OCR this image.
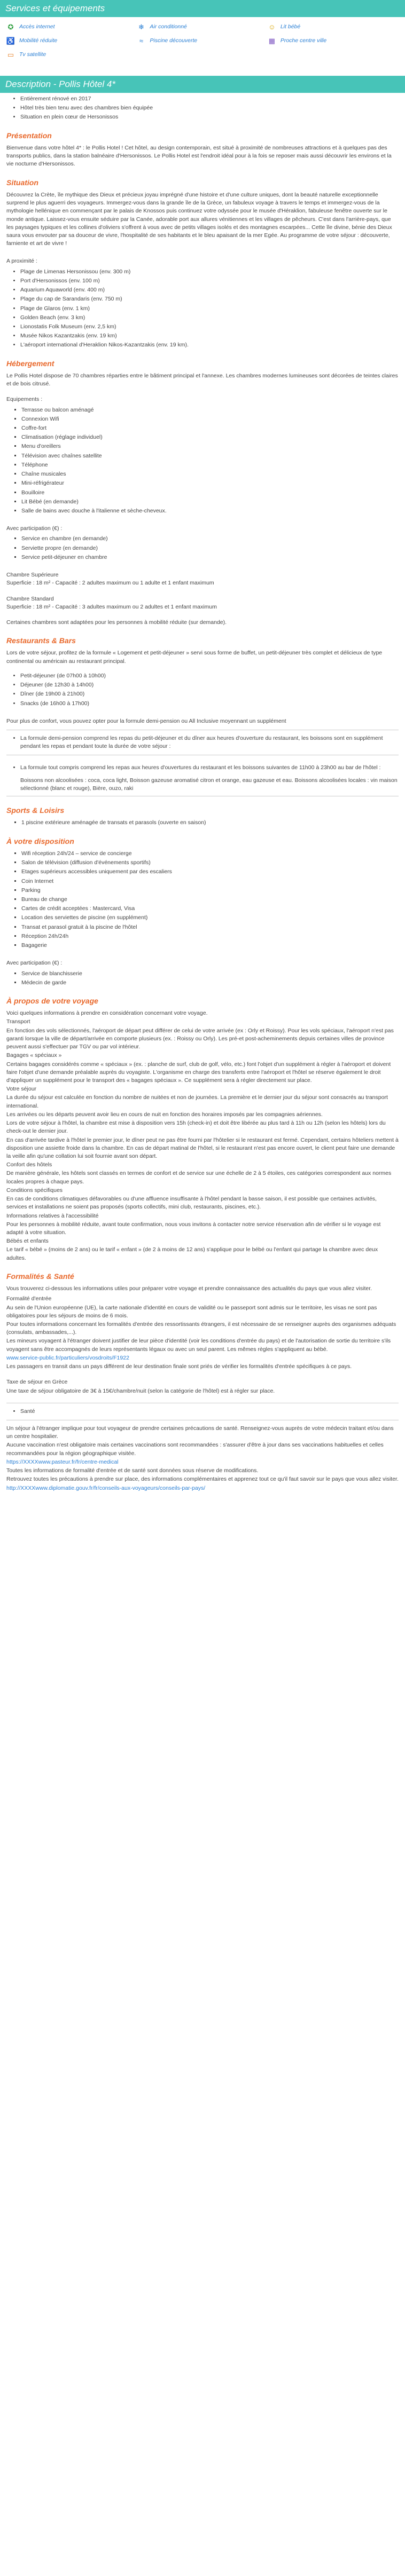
Services et équipements
✪ Accès internet	❄ Air conditionné	☺ Lit bébé
♿ Mobilité réduite	≈	Piscine découverte	▦ Proche centre ville
▭ Tv satellite
Description - Pollis Hôtel 4*
• Entièrement rénové en 2017
• Hôtel très bien tenu avec des chambres bien équipée
• Situation en plein cœur de Hersonissos
Présentation

Bienvenue dans votre hôtel 4* : le Pollis Hotel ! Cet hôtel, au design contemporain, est situé à proximité de nombreuses attractions et à quelques pas des transports publics, dans la station balnéaire d'Hersonissos. Le Pollis Hotel est l'endroit idéal pour à la fois se reposer mais aussi découvrir les environs et la vie nocturne d'Hersonissos.

Situation

Découvrez la Crète, île mythique des Dieux et précieux joyau imprégné d'une histoire et d'une culture uniques, dont la beauté naturelle exceptionnelle surprend le plus aguerri des voyageurs. Immergez-vous dans la grande île de la Grèce, un fabuleux voyage à travers le temps et immergez-vous de la mythologie hellénique en commençant par le palais de Knossos puis continuez votre odyssée pour le musée d'Héraklion, fabuleuse fenêtre ouverte sur le monde antique. Laissez-vous ensuite séduire par la Canée, adorable port aux allures vénitiennes et les villages de pêcheurs. C'est dans l'arrière-pays, que les paysages typiques et les collines d'oliviers s'offrent à vous avec de petits villages isolés et des montagnes escarpées... Cette île divine, bénie des Dieux saura vous envouter par sa douceur de vivre, l'hospitalité de ses habitants et le bleu apaisant de la mer Egée. Au programme de votre séjour : découverte, farniente et art de vivre !

A proximité :

• Plage de Limenas Hersonissou (env. 300 m)
• Port d'Hersonissos (env. 100 m)
• Aquarium Aquaworld (env. 400 m)
• Plage du cap de Sarandaris (env. 750 m)
• Plage de Glaros (env. 1 km)
• Golden Beach (env. 3 km)
• Lionostatis Folk Museum (env. 2,5 km)
• Musée Nikos Kazantzakis (env. 19 km)
• L'aéroport international d'Heraklion Nikos-Kazantzakis (env. 19 km).
Hébergement

Le Pollis Hotel dispose de 70 chambres réparties entre le bâtiment principal et l'annexe. Les chambres modernes lumineuses sont décorées de teintes claires et de bois citrusé.

Equipements :

▪ Terrasse ou balcon aménagé
▪ Connexion Wifi
▪ Coffre-fort
▪ Climatisation (réglage individuel)
▪ Menu d'oreillers
▪ Télévision avec chaînes satellite
▪ Téléphone
▪ Chaîne musicales
▪ Mini-réfrigérateur
▪ Bouilloire
▪ Lit Bébé (en demande)
▪ Salle de bains avec douche à l'italienne et sèche-cheveux.

Avec participation (€) :

▪ Service en chambre (en demande)
▪ Serviette propre (en demande)
▪ Service petit-déjeuner en chambre

Chambre Supérieure

Superficie : 18 m² - Capacité : 2 adultes maximum ou 1 adulte et 1 enfant maximum

Chambre Standard

Superficie : 18 m² - Capacité : 3 adultes maximum ou 2 adultes et 1 enfant maximum

Certaines chambres sont adaptées pour les personnes à mobilité réduite (sur demande).

Restaurants & Bars

Lors de votre séjour, profitez de la formule « Logement et petit-déjeuner » servi sous forme de buffet, un petit-déjeuner très complet et délicieux de type continental ou américain au restaurant principal.

• Petit-déjeuner (de 07h00 à 10h00)
• Déjeuner (de 12h30 à 14h00)
• Dîner (de 19h00 à 21h00)
• Snacks (de 16h00 à 17h00)

Pour plus de confort, vous pouvez opter pour la formule demi-pension ou All Inclusive moyennant un supplément

• La formule demi-pension comprend les repas du petit-déjeuner et du dîner aux heures d'ouverture du restaurant, les boissons sont en supplément pendant les repas et pendant toute la durée de votre séjour :
• La formule tout compris comprend les repas aux heures d'ouvertures du restaurant et les boissons suivantes de 11h00 à 23h00 au bar de l'hôtel :

Boissons non alcoolisées : coca, coca light, Boisson gazeuse aromatisé citron et orange, eau gazeuse et eau. Boissons alcoolisées locales : vin maison sélectionné (blanc et rouge), Bière, ouzo, raki

Sports & Loisirs
▪ 1 piscine extérieure aménagée de transats et parasols (ouverte en saison)
À votre disposition
▪ Wifi réception 24h/24 – service de concierge
▪ Salon de télévision (diffusion d'événements sportifs)
▪ Etages supérieurs accessibles uniquement par des escaliers
▪ Coin Internet
▪ Parking
▪ Bureau de change
▪ Cartes de crédit acceptées : Mastercard, Visa
▪ Location des serviettes de piscine (en supplément)
▪ Transat et parasol gratuit à la piscine de l'hôtel
▪ Réception 24h/24h
▪ Bagagerie

Avec participation (€) :

▪ Service de blanchisserie
▪ Médecin de garde
À propos de votre voyage

Voici quelques informations à prendre en considération concernant votre voyage.

Transport

En fonction des vols sélectionnés, l'aéroport de départ peut différer de celui de votre arrivée (ex : Orly et Roissy). Pour les vols spéciaux, l'aéroport n'est pas garanti lorsque la ville de départ/arrivée en comporte plusieurs (ex. : Roissy ou Orly). Les pré-et post-acheminements depuis certaines villes de province peuvent aussi s'effectuer par TGV ou par vol intérieur.

Bagages « spéciaux »

Certains bagages considérés comme « spéciaux » (ex. : planche de surf, club de golf, vélo, etc.) font l'objet d'un supplément à régler à l'aéroport et doivent faire l'objet d'une demande préalable auprès du voyagiste. L'organisme en charge des transferts entre l'aéroport et l'hôtel se réserve également le droit d'appliquer un supplément pour le transport des « bagages spéciaux ». Ce supplément sera à régler directement sur place.

Votre séjour

La durée du séjour est calculée en fonction du nombre de nuitées et non de journées. La première et le dernier jour du séjour sont consacrés au transport international.

Les arrivées ou les départs peuvent avoir lieu en cours de nuit en fonction des horaires imposés par les compagnies aériennes.

Lors de votre séjour à l'hôtel, la chambre est mise à disposition vers 15h (check-in) et doit être libérée au plus tard à 11h ou 12h (selon les hôtels) lors du check-out le dernier jour.

En cas d'arrivée tardive à l'hôtel le premier jour, le dîner peut ne pas être fourni par l'hôtelier si le restaurant est fermé. Cependant, certains hôteliers mettent à disposition une assiette froide dans la chambre. En cas de départ matinal de l'hôtel, si le restaurant n'est pas encore ouvert, le client peut faire une demande la veille afin qu'une collation lui soit fournie avant son départ.

Confort des hôtels

De manière générale, les hôtels sont classés en termes de confort et de service sur une échelle de 2 à 5 étoiles, ces catégories correspondent aux normes locales propres à chaque pays.

Conditions spécifiques

En cas de conditions climatiques défavorables ou d'une affluence insuffisante à l'hôtel pendant la basse saison, il est possible que certaines activités, services et installations ne soient pas proposés (sports collectifs, mini club, restaurants, piscines, etc.).

Informations relatives à l'accessibilité

Pour les personnes à mobilité réduite, avant toute confirmation, nous vous invitons à contacter notre service réservation afin de vérifier si le voyage est adapté à votre situation.

Bébés et enfants

Le tarif « bébé » (moins de 2 ans) ou le tarif « enfant » (de 2 à moins de 12 ans) s'applique pour le bébé ou l'enfant qui partage la chambre avec deux adultes.

Formalités & Santé

Vous trouverez ci-dessous les informations utiles pour préparer votre voyage et prendre connaissance des actualités du pays que vous allez visiter.

Formalité d'entrée

Au sein de l'Union européenne (UE), la carte nationale d'identité en cours de validité ou le passeport sont admis sur le territoire, les visas ne sont pas obligatoires pour les séjours de moins de 6 mois.

Pour toutes informations concernant les formalités d'entrée des ressortissants étrangers, il est nécessaire de se renseigner auprès des organismes adéquats (consulats, ambassades,...).

Les mineurs voyagent à l'étranger doivent justifier de leur pièce d'identité (voir les conditions d'entrée du pays) et de l'autorisation de sortie du territoire s'ils voyagent sans être accompagnés de leurs représentants légaux ou avec un seul parent. Les mêmes règles s'appliquent au bébé.

www.service-public.fr/particuliers/vosdroits/F1922

Les passagers en transit dans un pays différent de leur destination finale sont priés de vérifier les formalités d'entrée spécifiques à ce pays.

Taxe de séjour en Grèce

Une taxe de séjour obligatoire de 3€ à 15€/chambre/nuit (selon la catégorie de l'hôtel) est à régler sur place.

• Santé

Un séjour à l'étranger implique pour tout voyageur de prendre certaines précautions de santé. Renseignez-vous auprès de votre médecin traitant et/ou dans un centre hospitalier.

Aucune vaccination n'est obligatoire mais certaines vaccinations sont recommandées : s'assurer d'être à jour dans ses vaccinations habituelles et celles recommandées pour la région géographique visitée.

https://XXXXwww.pasteur.fr/fr/centre-medical

Toutes les informations de formalité d'entrée et de santé sont données sous réserve de modifications.

Retrouvez toutes les précautions à prendre sur place, des informations complémentaires et apprenez tout ce qu'il faut savoir sur le pays que vous allez visiter.

http://XXXXwww.diplomatie.gouv.fr/fr/conseils-aux-voyageurs/conseils-par-pays/
